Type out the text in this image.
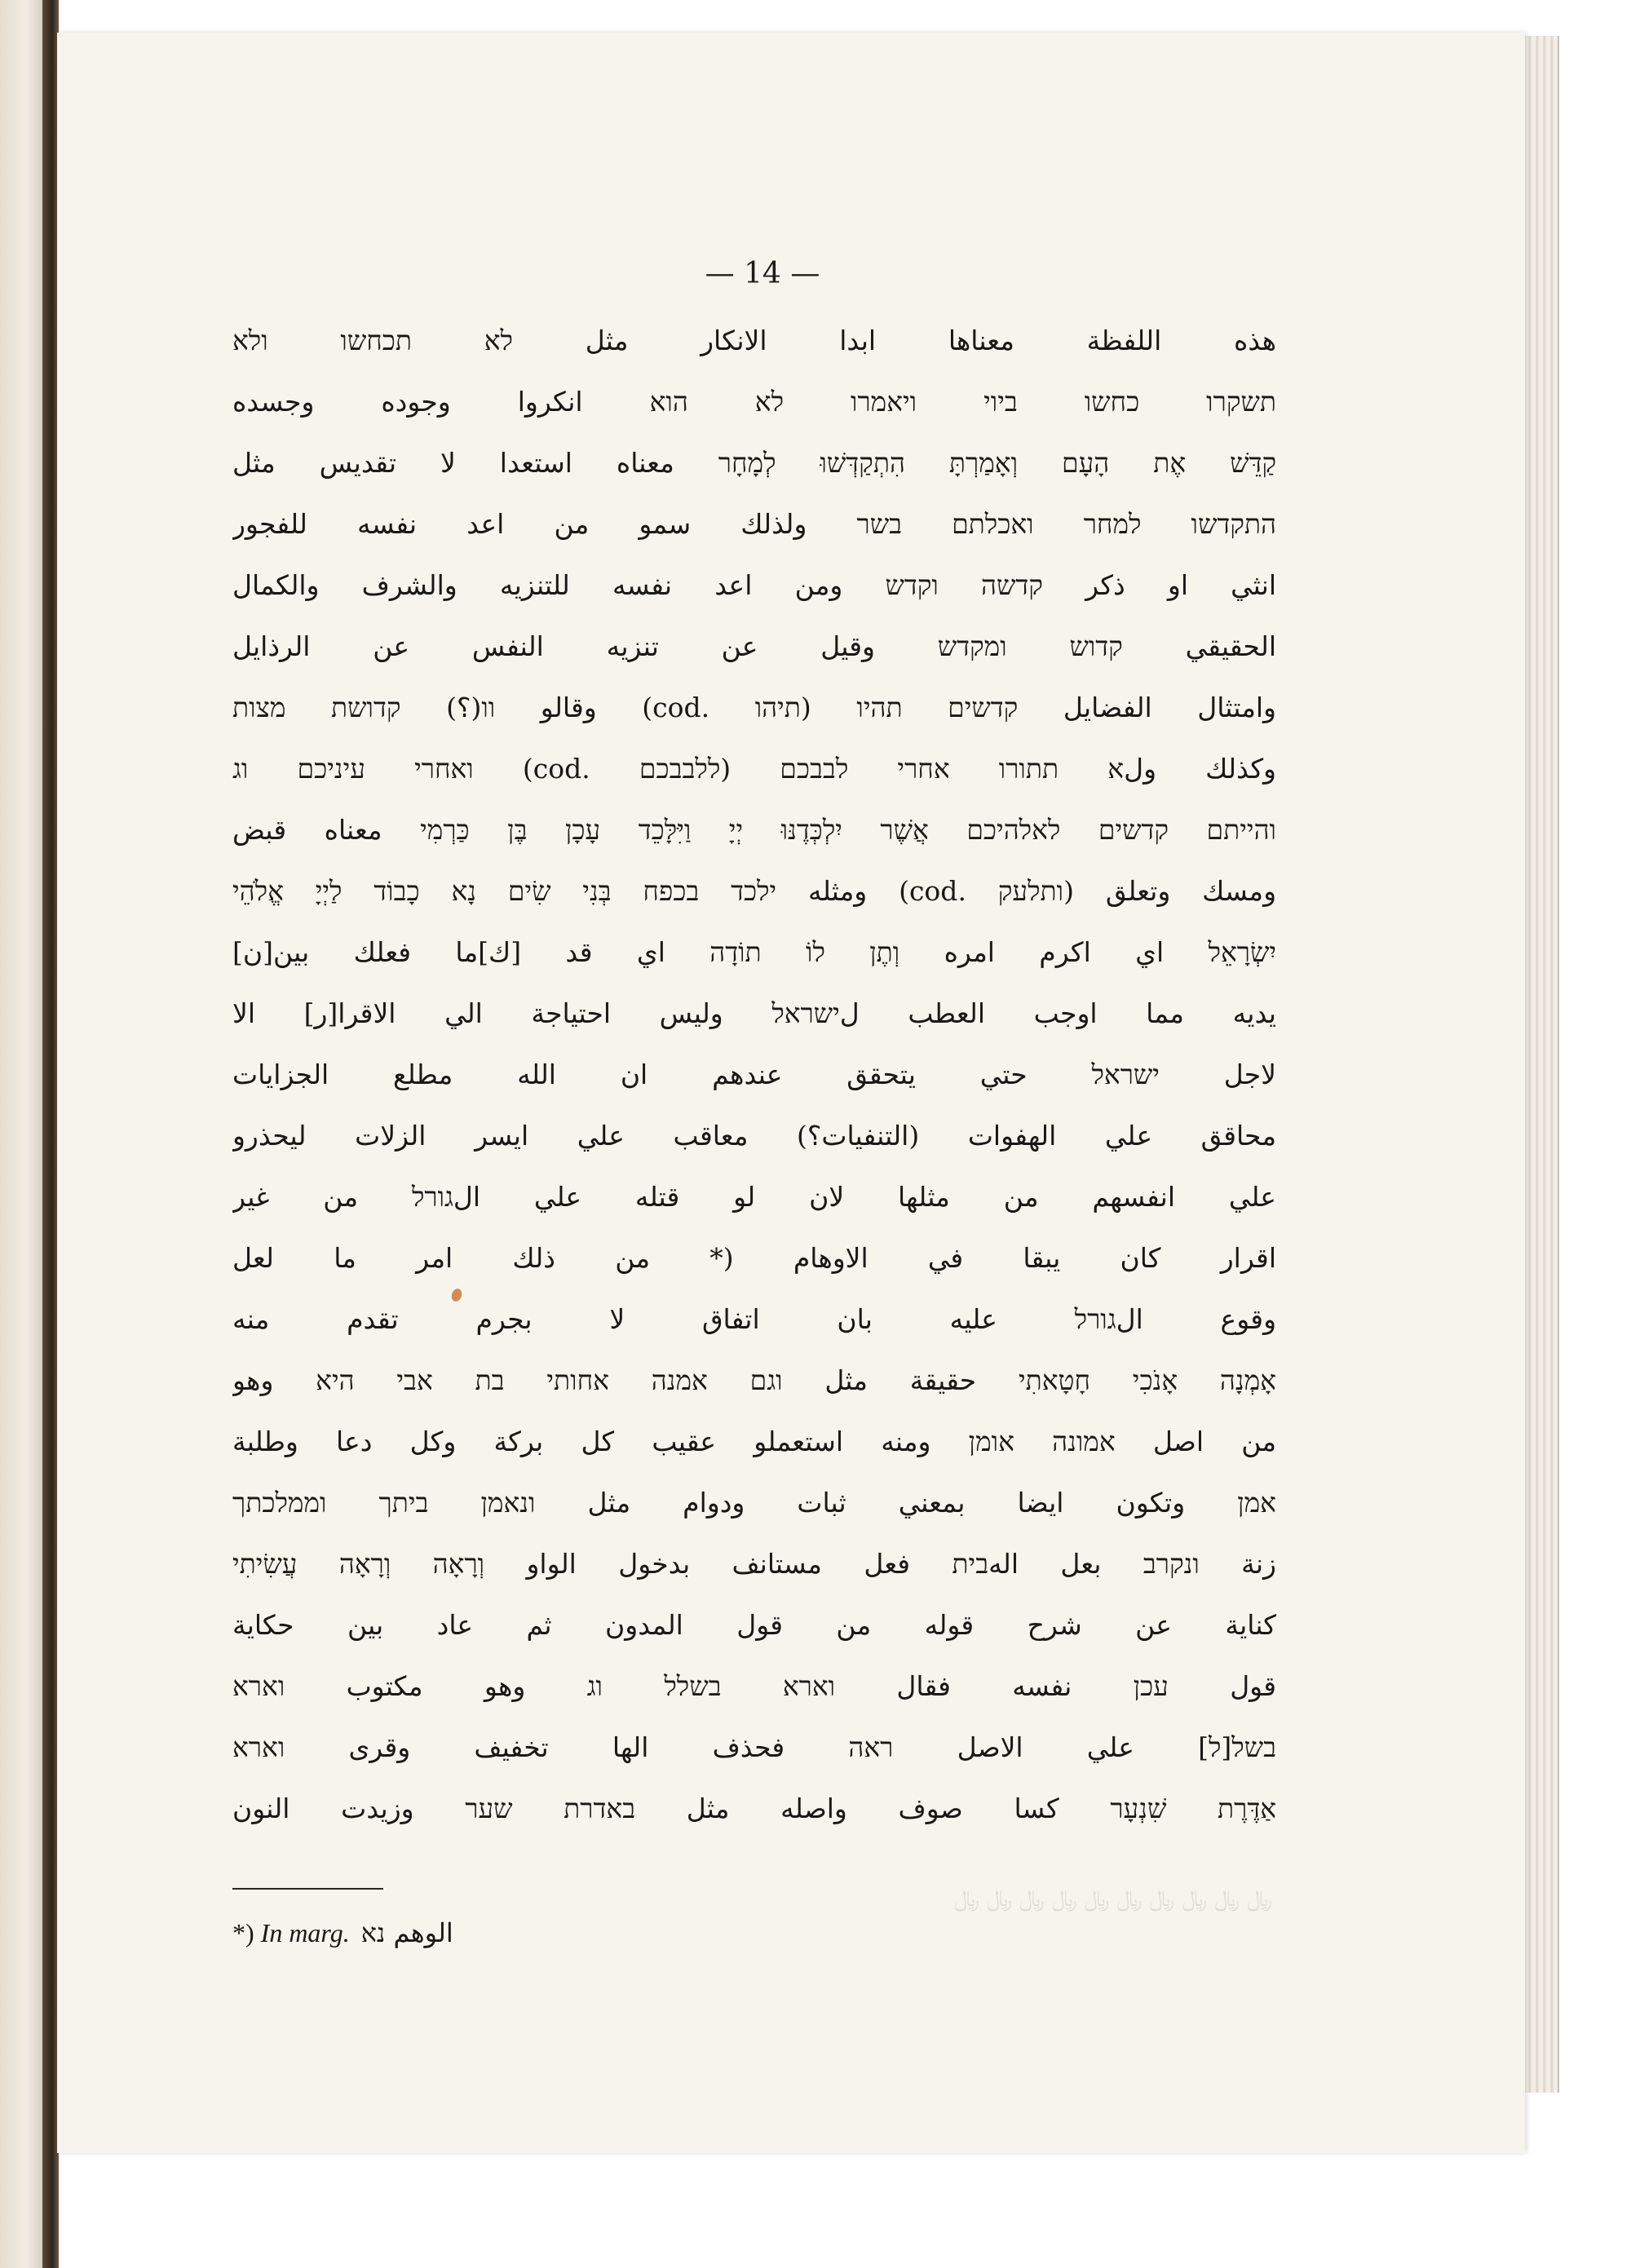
— 14 —
هذه اللفظة معناها ابدا الانكار مثل לא תכחשו ולא
תשקרו כחשו ביוי ויאמרו לא הוא انكروا وجوده وجسده
קַדֵּשׁ אֶת הָעָם וְאָמַרְתָּ הִתְקַדְּשׁוּ לְמָחָר معناه استعدا لا تقديس مثل
התקדשו למחר ואכלתם בשר ولذلك سمو من اعد نفسه للفجور
انثي او ذكر קדשה וקדש ومن اعد نفسه للتنزيه والشرف والكمال
الحقيقي קדוש ומקדש وقيل عن تنزيه النفس عن الرذايل
وامتثال الفضايل קדשים תהיו (תיהו .cod) وقالو וו(؟) קדושת מצות
وكذلك ولא תתורו אחרי לבבכם (ללבבכם .cod) ואחרי עיניכם וג
והייתם קדשים לאלהיכם אֲשֶׁר יִלְכְּדֶנּוּ יְיָ וַיִּלָּכֵד עָכָן בֶּן כַּרְמִי معناه قبض
ومسك وتعلق (ותלעק .cod) ومثله ילכד בכפח בְּנִי שִׂים נָא כָבוֹד לַיְיָ אֱלֹהֵי
יִשְׂרָאֵל اي اكرم امره וְתֶן לוֹ תוֹדָה اي قد [ك]ما فعلك بين[ن]
يديه مما اوجب العطب لישראל وليس احتياجة الي الاقرا[ر] الا
لاجل ישראל حتي يتحقق عندهم ان الله مطلع الجزايات
محاقق علي الهفوات (التنفيات؟) معاقب علي ايسر الزلات ليحذرو
علي انفسهم من مثلها لان لو قتله علي الגורל من غير
اقرار كان يبقا في الاوهام (* من ذلك امر ما لعل
وقوع الגורל عليه بان اتفاق لا بجرم تقدم منه
אָמְנָה אָנֹכִי חָטָאתִי حقيقة مثل וגם אמנה אחותי בת אבי היא وهو
من اصل אמונה אומן ومنه استعملو عقيب كل بركة وكل دعا وطلبة
אמן وتكون ايضا بمعني ثبات ودوام مثل ונאמן ביתך וממלכתך
زنة ונקרב بعل الهבית فعل مستانف بدخول الواو וְרָאָה וְרָאָה עֲשִׂיתִי
كناية عن شرح قوله من قول المدون ثم عاد بين حكاية
قول עכן نفسه فقال וארא בשלל וג وهو مكتوب וארא
בשל[ל] علي الاصل ראה فحذف الها تخفيف وقرى וארא
אַדֶּרֶת שִׁנְעָר كسا صوف واصله مثل באדרת שער وزيدت النون
﷼ ﷼ ﷼ ﷼ ﷼ ﷼ ﷼ ﷼ ﷼ ﷼
*) In marg. الوهم נא
